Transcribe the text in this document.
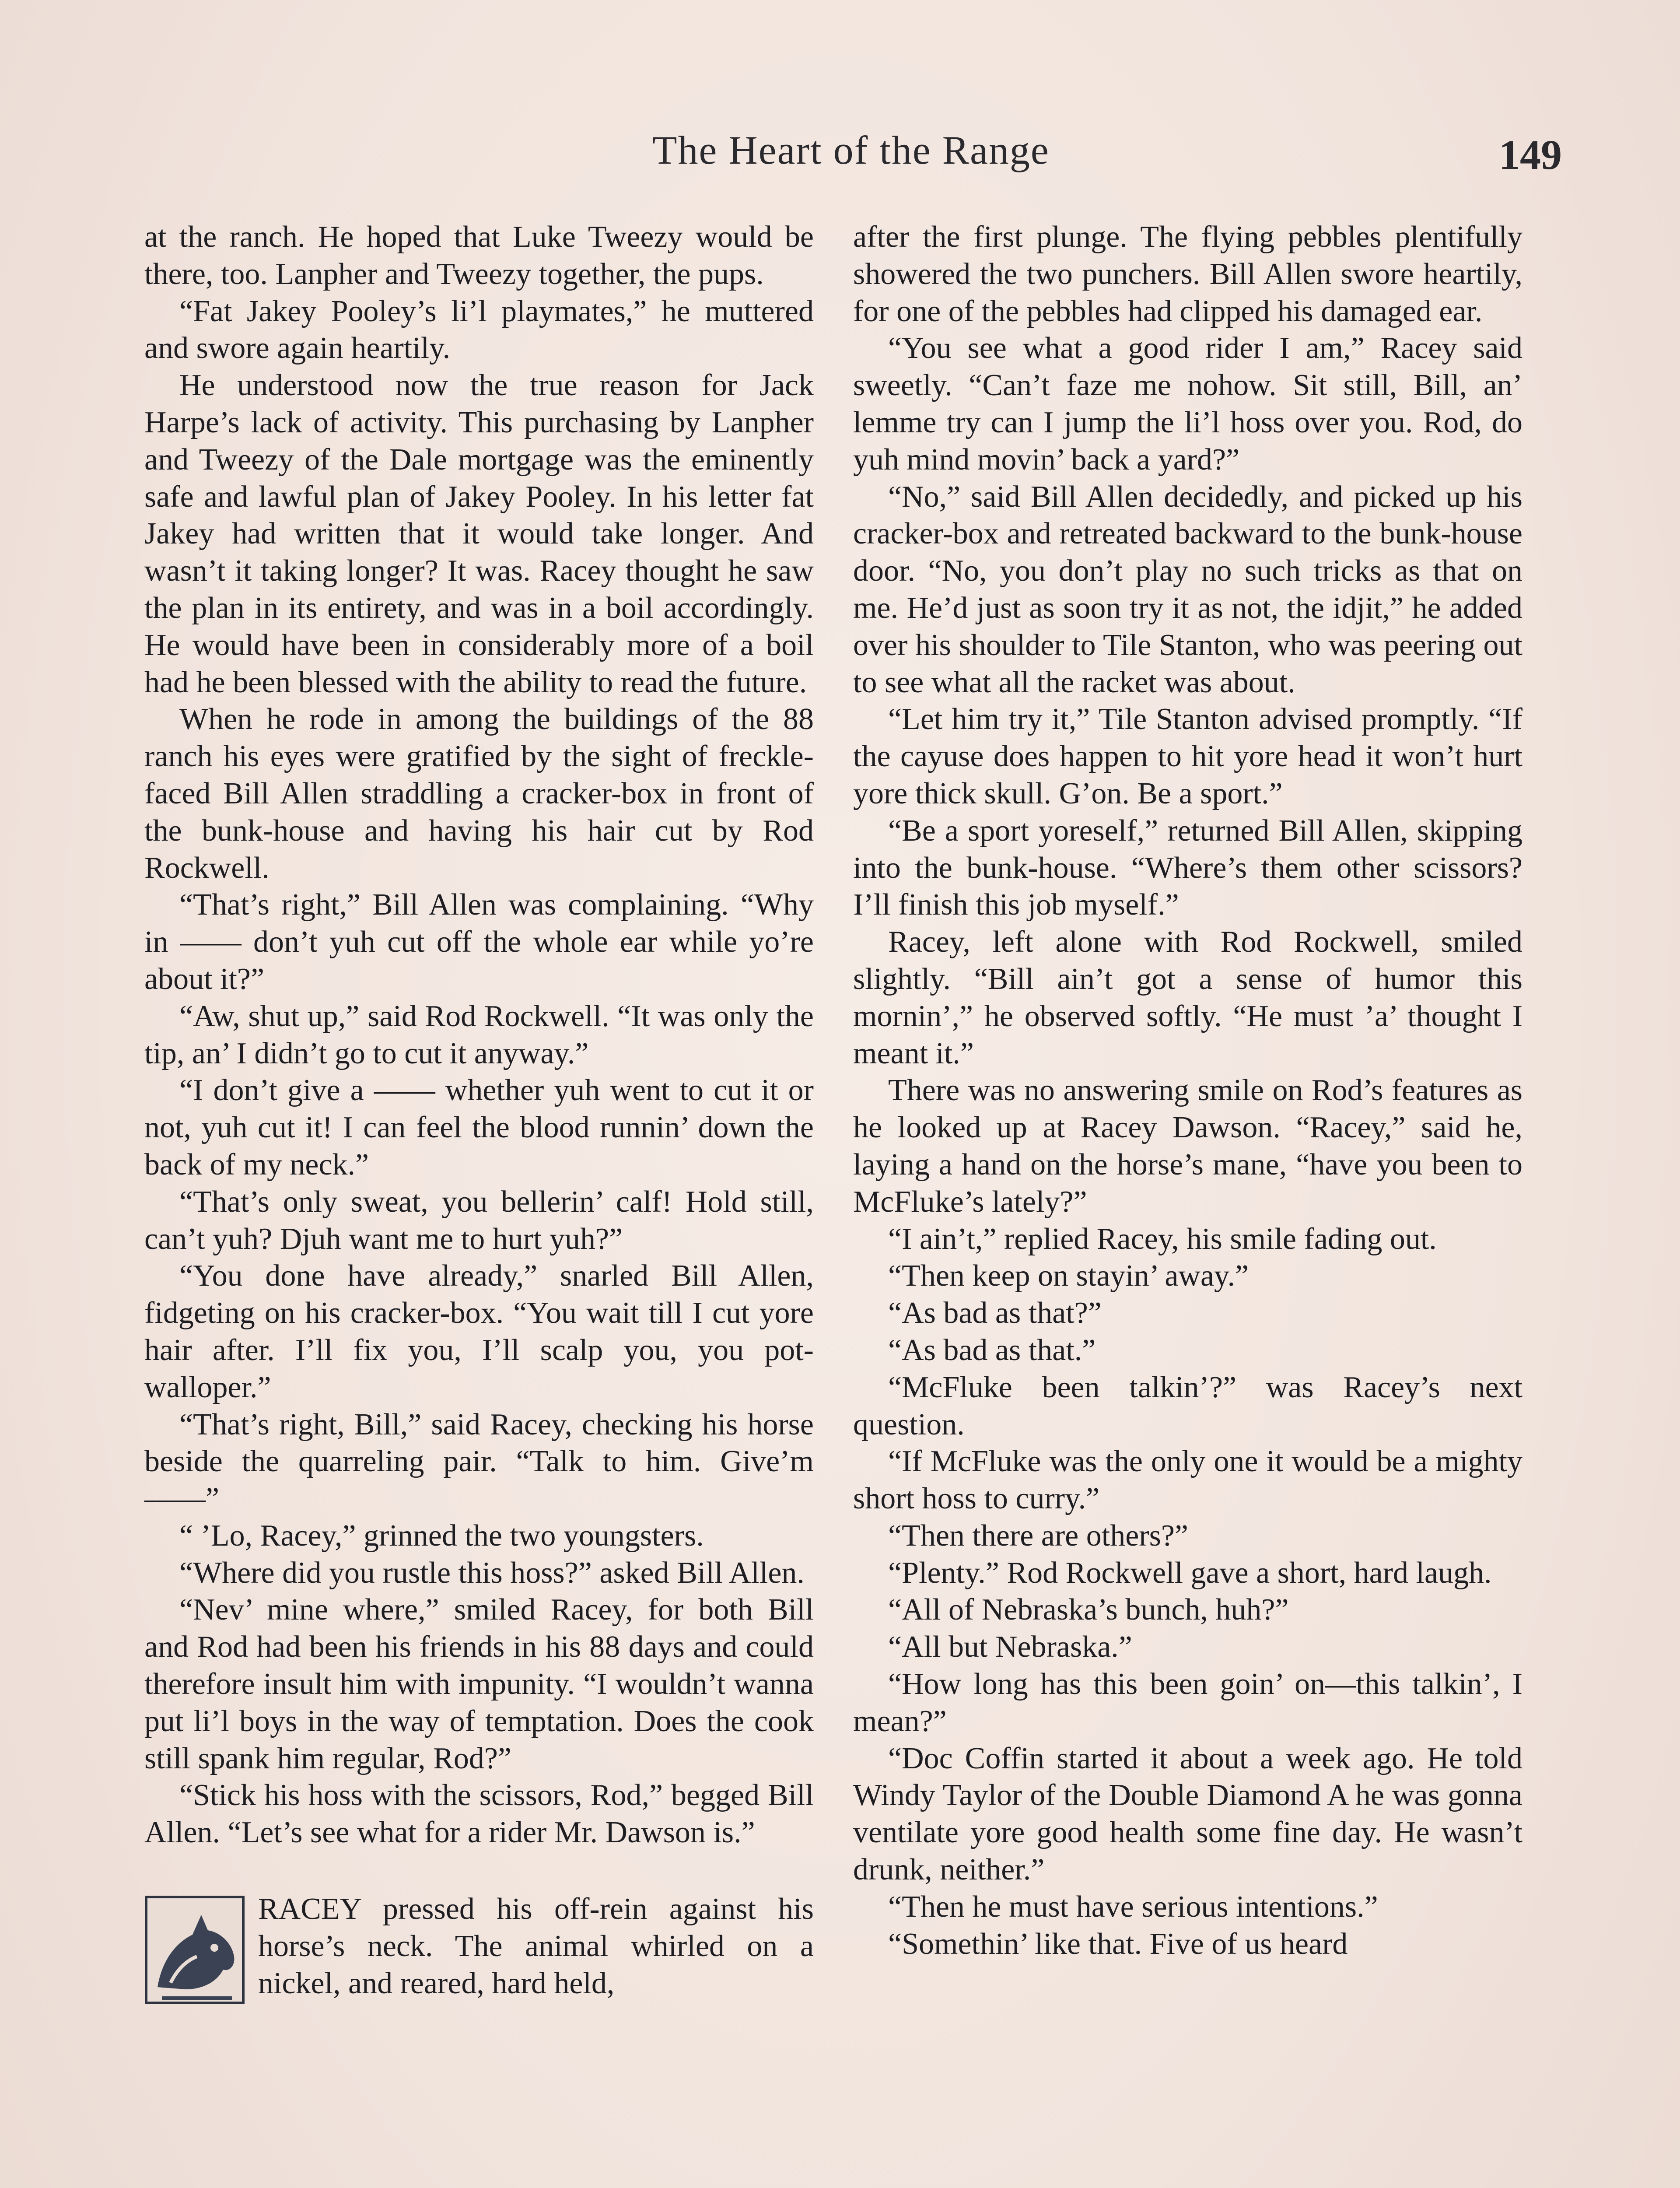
The Heart of the Range	149

at the ranch. He hoped that Luke Tweezy would be there, too. Lanpher and Tweezy together, the pups.

“Fat Jakey Pooley’s li’l playmates,” he muttered and swore again heartily.

He understood now the true reason for Jack Harpe’s lack of activity. This purchasing by Lanpher and Tweezy of the Dale mortgage was the eminently safe and lawful plan of Jakey Pooley. In his letter fat Jakey had written that it would take longer. And wasn’t it taking longer? It was. Racey thought he saw the plan in its entirety, and was in a boil accordingly. He would have been in considerably more of a boil had he been blessed with the ability to read the future.

When he rode in among the buildings of the 88 ranch his eyes were gratified by the sight of freckle-faced Bill Allen straddling a cracker-box in front of the bunk-house and having his hair cut by Rod Rockwell.

“That’s right,” Bill Allen was complaining. “Why in —— don’t yuh cut off the whole ear while yo’re about it?”

“Aw, shut up,” said Rod Rockwell. “It was only the tip, an’ I didn’t go to cut it anyway.”

“I don’t give a —— whether yuh went to cut it or not, yuh cut it! I can feel the blood runnin’ down the back of my neck.”

“That’s only sweat, you bellerin’ calf! Hold still, can’t yuh? Djuh want me to hurt yuh?”

“You done have already,” snarled Bill Allen, fidgeting on his cracker-box. “You wait till I cut yore hair after. I’ll fix you, I’ll scalp you, you pot-walloper.”

“That’s right, Bill,” said Racey, checking his horse beside the quarreling pair. “Talk to him. Give’m ——”

“ ’Lo, Racey,” grinned the two youngsters.

“Where did you rustle this hoss?” asked Bill Allen.

“Nev’ mine where,” smiled Racey, for both Bill and Rod had been his friends in his 88 days and could therefore insult him with impunity. “I wouldn’t wanna put li’l boys in the way of temptation. Does the cook still spank him regular, Rod?”

“Stick his hoss with the scissors, Rod,” begged Bill Allen. “Let’s see what for a rider Mr. Dawson is.”

RACEY pressed his off-rein against his horse’s neck. The animal whirled on a nickel, and reared, hard held,

after the first plunge. The flying pebbles plentifully showered the two punchers. Bill Allen swore heartily, for one of the pebbles had clipped his damaged ear.

“You see what a good rider I am,” Racey said sweetly. “Can’t faze me nohow. Sit still, Bill, an’ lemme try can I jump the li’l hoss over you. Rod, do yuh mind movin’ back a yard?”

“No,” said Bill Allen decidedly, and picked up his cracker-box and retreated backward to the bunk-house door. “No, you don’t play no such tricks as that on me. He’d just as soon try it as not, the idjit,” he added over his shoulder to Tile Stanton, who was peering out to see what all the racket was about.

“Let him try it,” Tile Stanton advised promptly. “If the cayuse does happen to hit yore head it won’t hurt yore thick skull. G’on. Be a sport.”

“Be a sport yoreself,” returned Bill Allen, skipping into the bunk-house. “Where’s them other scissors? I’ll finish this job myself.”

Racey, left alone with Rod Rockwell, smiled slightly. “Bill ain’t got a sense of humor this mornin’,” he observed softly. “He must ’a’ thought I meant it.”

There was no answering smile on Rod’s features as he looked up at Racey Dawson. “Racey,” said he, laying a hand on the horse’s mane, “have you been to McFluke’s lately?”

“I ain’t,” replied Racey, his smile fading out.

“Then keep on stayin’ away.”

“As bad as that?”

“As bad as that.”

“McFluke been talkin’?” was Racey’s next question.

“If McFluke was the only one it would be a mighty short hoss to curry.”

“Then there are others?”

“Plenty.” Rod Rockwell gave a short, hard laugh.

“All of Nebraska’s bunch, huh?”

“All but Nebraska.”

“How long has this been goin’ on—this talkin’, I mean?”

“Doc Coffin started it about a week ago. He told Windy Taylor of the Double Diamond A he was gonna ventilate yore good health some fine day. He wasn’t drunk, neither.”

“Then he must have serious intentions.”

“Somethin’ like that. Five of us heard
